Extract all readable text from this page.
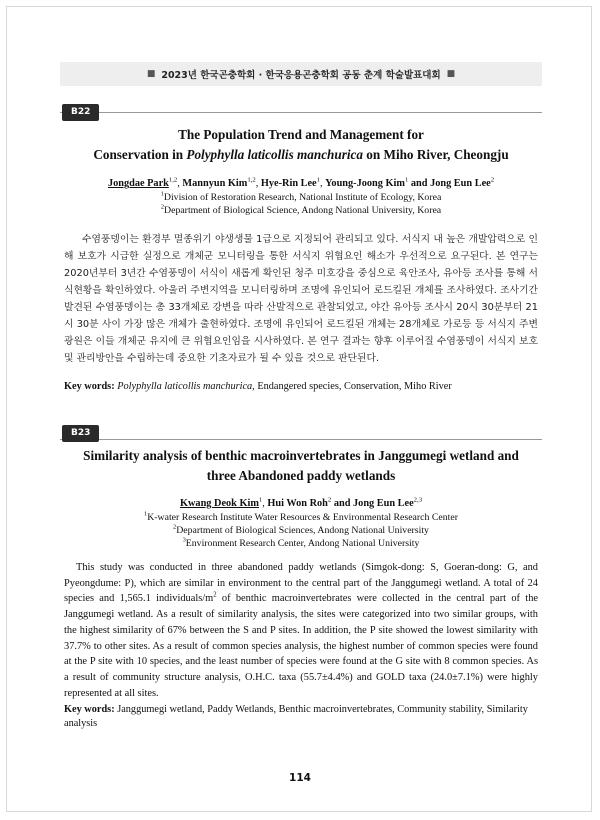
■ 2023년 한국곤충학회 · 한국응용곤충학회 공동 춘계 학술발표대회 ■
B22
The Population Trend and Management for
Conservation in Polyphylla laticollis manchurica on Miho River, Cheongju
Jongdae Park$^{1,2}$, Mannyun Kim$^{1,2}$, Hye-Rin Lee$^1$, Young-Joong Kim$^1$ and Jong Eun Lee$^2$
$^1$Division of Restoration Research, National Institute of Ecology, Korea
$^2$Department of Biological Science, Andong National University, Korea
수염풍뎅이는 환경부 멸종위기 야생생물 1급으로 지정되어 관리되고 있다. 서식지 내 높은 개발압력으로 인해 보호가 시급한 실정으로 개체군 모니터링을 통한 서식지 위협요인 해소가 우선적으로 요구된다. 본 연구는 2020년부터 3년간 수염풍뎅이 서식이 새롭게 확인된 청주 미호강을 중심으로 육안조사, 유아등 조사를 통해 서식현황을 확인하였다. 아울러 주변지역을 모니터링하며 조명에 유인되어 로드킬된 개체를 조사하였다. 조사기간 발견된 수염풍뎅이는 총 33개체로 강변을 따라 산발적으로 관찰되었고, 야간 유아등 조사시 20시 30분부터 21시 30분 사이 가장 많은 개체가 출현하였다. 조명에 유인되어 로드킬된 개체는 28개체로 가로등 등 서식지 주변 광원은 이들 개체군 유지에 큰 위협요인임을 시사하였다. 본 연구 결과는 향후 이루어질 수염풍뎅이 서식지 보호 및 관리방안을 수립하는데 중요한 기초자료가 될 수 있을 것으로 판단된다.
Key words: Polyphylla laticollis manchurica, Endangered species, Conservation, Miho River
B23
Similarity analysis of benthic macroinvertebrates in Janggumegi wetland and
three Abandoned paddy wetlands
Kwang Deok Kim$^1$, Hui Won Roh$^2$ and Jong Eun Lee$^{2,3}$
$^1$K-water Research Institute Water Resources & Environmental Research Center
$^2$Department of Biological Sciences, Andong National University
$^3$Environment Research Center, Andong National University
This study was conducted in three abandoned paddy wetlands (Simgok-dong: S, Goeran-dong: G, and Pyeongdume: P), which are similar in environment to the central part of the Janggumegi wetland. A total of 24 species and 1,565.1 individuals/$m^2$ of benthic macroinvertebrates were collected in the central part of the Janggumegi wetland. As a result of similarity analysis, the sites were categorized into two similar groups, with the highest similarity of 67% between the S and P sites. In addition, the P site showed the lowest similarity with 37.7% to other sites. As a result of common species analysis, the highest number of common species were found at the P site with 10 species, and the least number of species were found at the G site with 8 common species. As a result of community structure analysis, O.H.C. taxa (55.7±4.4%) and GOLD taxa (24.0±7.1%) were highly represented at all sites.
Key words: Janggumegi wetland, Paddy Wetlands, Benthic macroinvertebrates, Community stability, Similarity analysis
114
